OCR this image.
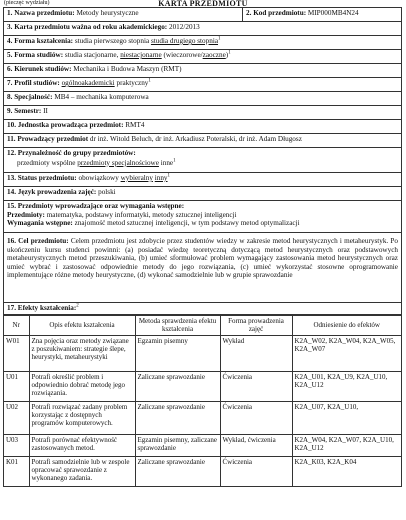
(pieczęć wydziału)	KARTA PRZEDMIOTU
1. Nazwa przedmiotu: Metody heurystyczne	2. Kod przedmiotu: MIP000MB4N24
3. Karta przedmiotu ważna od roku akademickiego: 2012/2013
4. Forma kształcenia: studia pierwszego stopnia studia drugiego stopnia$^1$
5. Forma studiów: studia stacjonarne, niestacjonarne (wieczorowe/zaoczne)$^1$
6. Kierunek studiów: Mechanika i Budowa Maszyn (RMT)
7. Profil studiów: ogólnoakademicki praktyczny$^1$
8. Specjalność: MB4 – mechanika komputerowa
9. Semestr: II
10. Jednostka prowadząca przedmiot: RMT4
11. Prowadzący przedmiot dr inż. Witold Beluch, dr inż. Arkadiusz Poteralski, dr inż. Adam Długosz
12. Przynależność do grupy przedmiotów:
przedmioty wspólne przedmioty specjalnościowe inne$^1$
13. Status przedmiotu: obowiązkowy wybieralny inny$^1$
14. Język prowadzenia zajęć: polski
15. Przedmioty wprowadzające oraz wymagania wstępne:
Przedmioty: matematyka, podstawy informatyki, metody sztucznej inteligencji
Wymagania wstępne: znajomość metod sztucznej inteligencji, w tym podstawy metod optymalizacji
16. Cel przedmiotu: Celem przedmiotu jest zdobycie przez studentów wiedzy w zakresie metod heurystycznych i metaheurystyk. Po ukończeniu kursu studenci powinni: (a) posiadać wiedzę teoretyczną dotyczącą metod heurystycznych oraz podstawowych metaheurystycznych metod przeszukiwania, (b) umieć sformułować problem wymagający zastosowania metod heurystycznych oraz umieć wybrać i zastosować odpowiednie metody do jego rozwiązania, (c) umieć wykorzystać stosowne oprogramowanie implementujące różne metody heurystyczne, (d) wykonać samodzielnie lub w grupie sprawozdanie
17. Efekty kształcenia:$^2$
Nr	Opis efektu kształcenia	Metoda sprawdzenia efektu kształcenia	Forma prowadzenia zajęć	Odniesienie do efektów
W01	Zna pojęcia oraz metody związane z poszukiwaniem: strategie ślepe, heurystyki, metaheurystyki	Egzamin pisemny	Wykład	K2A_W02, K2A_W04, K2A_W05, K2A_W07
U01	Potrafi określić problem i odpowiednio dobrać metodę jego rozwiązania.	Zaliczane sprawozdanie	Ćwiczenia	K2A_U01, K2A_U9, K2A_U10, K2A_U12
U02	Potrafi rozwiązać zadany problem korzystając z dostępnych programów komputerowych.	Zaliczane sprawozdanie	Ćwiczenia	K2A_U07, K2A_U10,
U03	Potrafi porównać efektywność zastosowanych metod.	Egzamin pisemny, zaliczane sprawozdanie	Wykład, ćwiczenia	K2A_W04, K2A_W07, K2A_U10, K2A_U12
K01	Potrafi samodzielnie lub w zespole opracować sprawozdanie z wykonanego zadania.	Zaliczane sprawozdanie	Ćwiczenia	K2A_K03, K2A_K04
